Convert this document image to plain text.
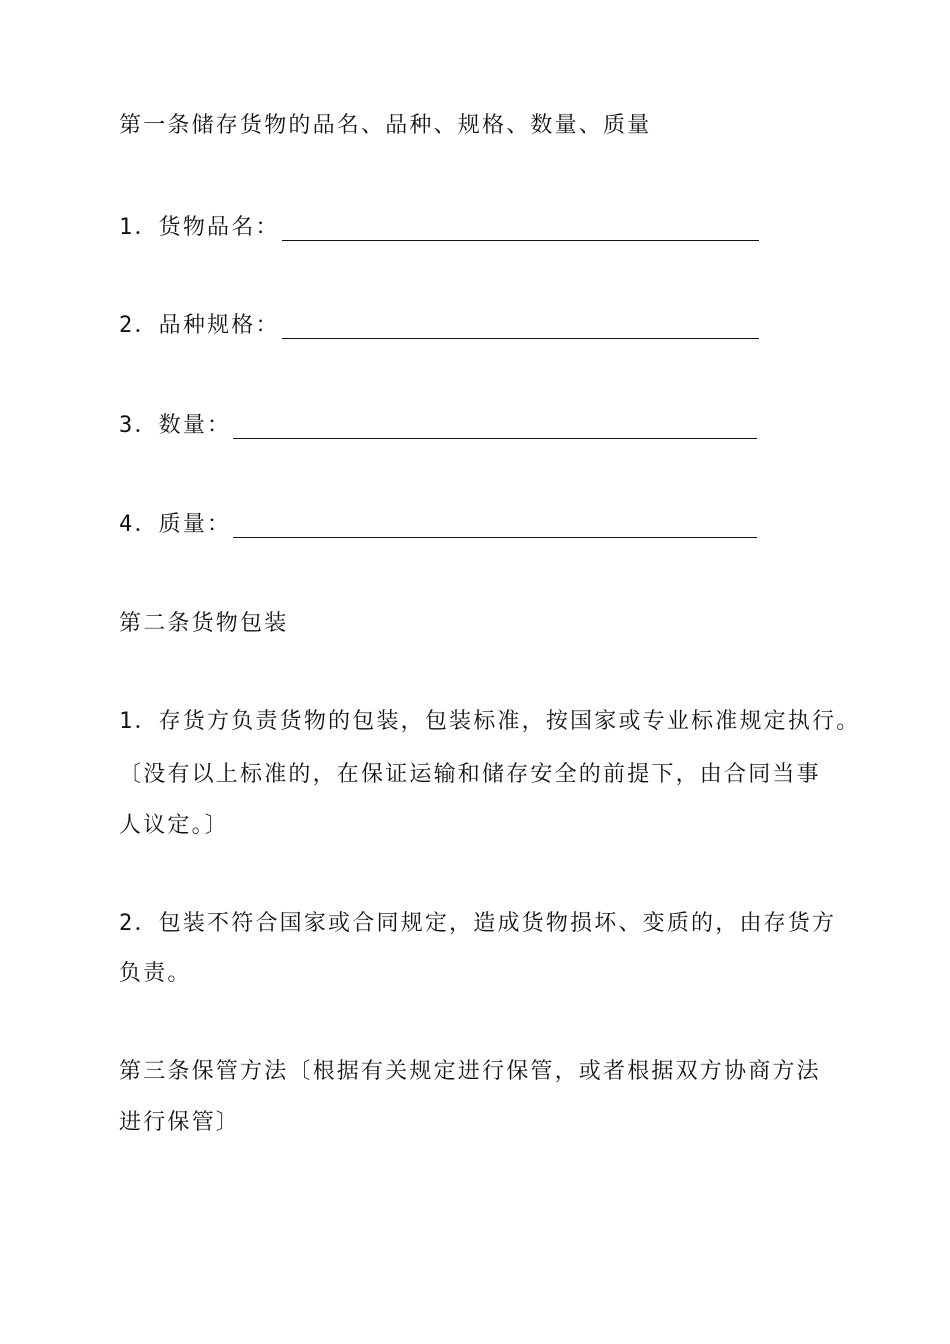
第一条储存货物的品名、品种、规格、数量、质量
1．货物品名：
2．品种规格：
3．数量：
4．质量：
第二条货物包装
1．存货方负责货物的包装，包装标准，按国家或专业标准规定执行。
〔没有以上标准的，在保证运输和储存安全的前提下，由合同当事
人议定。〕
2．包装不符合国家或合同规定，造成货物损坏、变质的，由存货方
负责。
第三条保管方法〔根据有关规定进行保管，或者根据双方协商方法
进行保管〕
